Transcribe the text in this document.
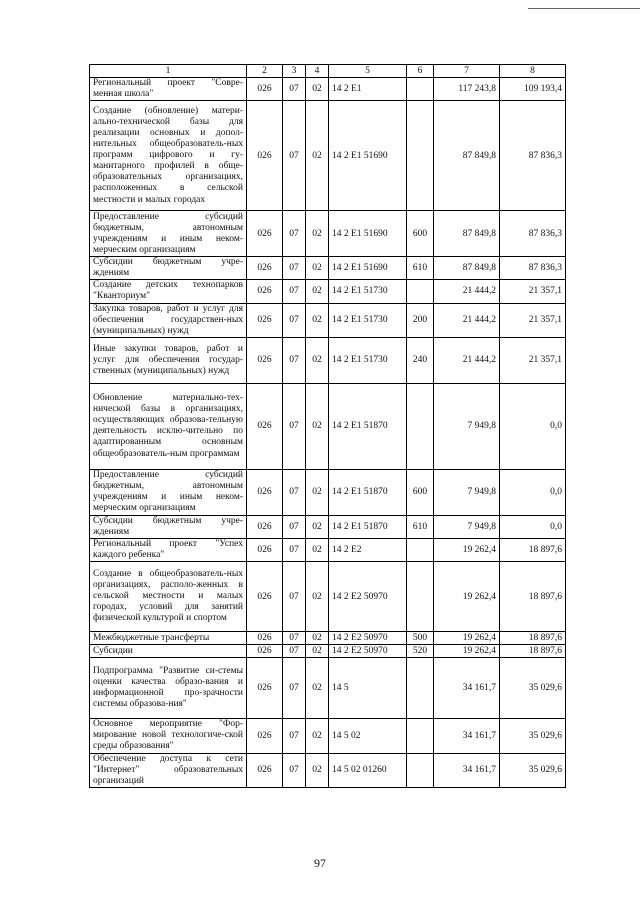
1	2	3	4	5	6	7	8
Региональный проект "Совре-менная школа"	026	07	02	14 2 E1		117 243,8	109 193,4
Создание (обновление) матери-ально-технической базы для реализации основных и допол-нительных общеобразователь-ных программ цифрового и гу-манитарного профилей в обще-образовательных организациях, расположенных в сельской местности и малых городах	026	07	02	14 2 E1 51690		87 849,8	87 836,3
Предоставление субсидий бюджетным, автономным учреждениям и иным неком-мерческим организациям	026	07	02	14 2 E1 51690	600	87 849,8	87 836,3
Субсидии бюджетным учре-ждениям	026	07	02	14 2 E1 51690	610	87 849,8	87 836,3
Создание детских технопарков "Кванториум"	026	07	02	14 2 E1 51730		21 444,2	21 357,1
Закупка товаров, работ и услуг для обеспечения государствен-ных (муниципальных) нужд	026	07	02	14 2 E1 51730	200	21 444,2	21 357,1
Иные закупки товаров, работ и услуг для обеспечения государ-ственных (муниципальных) нужд	026	07	02	14 2 E1 51730	240	21 444,2	21 357,1
Обновление материально-тех-нической базы в организациях, осуществляющих образова-тельную деятельность исклю-чительно по адаптированным основным общеобразователь-ным программам	026	07	02	14 2 E1 51870		7 949,8	0,0
Предоставление субсидий бюджетным, автономным учреждениям и иным неком-мерческим организациям	026	07	02	14 2 E1 51870	600	7 949,8	0,0
Субсидии бюджетным учре-ждениям	026	07	02	14 2 E1 51870	610	7 949,8	0,0
Региональный проект "Успех каждого ребенка"	026	07	02	14 2 E2		19 262,4	18 897,6
Создание в общеобразователь-ных организациях, располо-женных в сельской местности и малых городах, условий для занятий физической культурой и спортом	026	07	02	14 2 E2 50970		19 262,4	18 897,6
Межбюджетные трансферты	026	07	02	14 2 E2 50970	500	19 262,4	18 897,6
Субсидии	026	07	02	14 2 E2 50970	520	19 262,4	18 897,6
Подпрограмма "Развитие си-стемы оценки качества образо-вания и информационной про-зрачности системы образова-ния"	026	07	02	14 5		34 161,7	35 029,6
Основное мероприятие "Фор-мирование новой технологиче-ской среды образования"	026	07	02	14 5 02		34 161,7	35 029,6
Обеспечение доступа к сети "Интернет" образовательных организаций	026	07	02	14 5 02 01260		34 161,7	35 029,6
97
